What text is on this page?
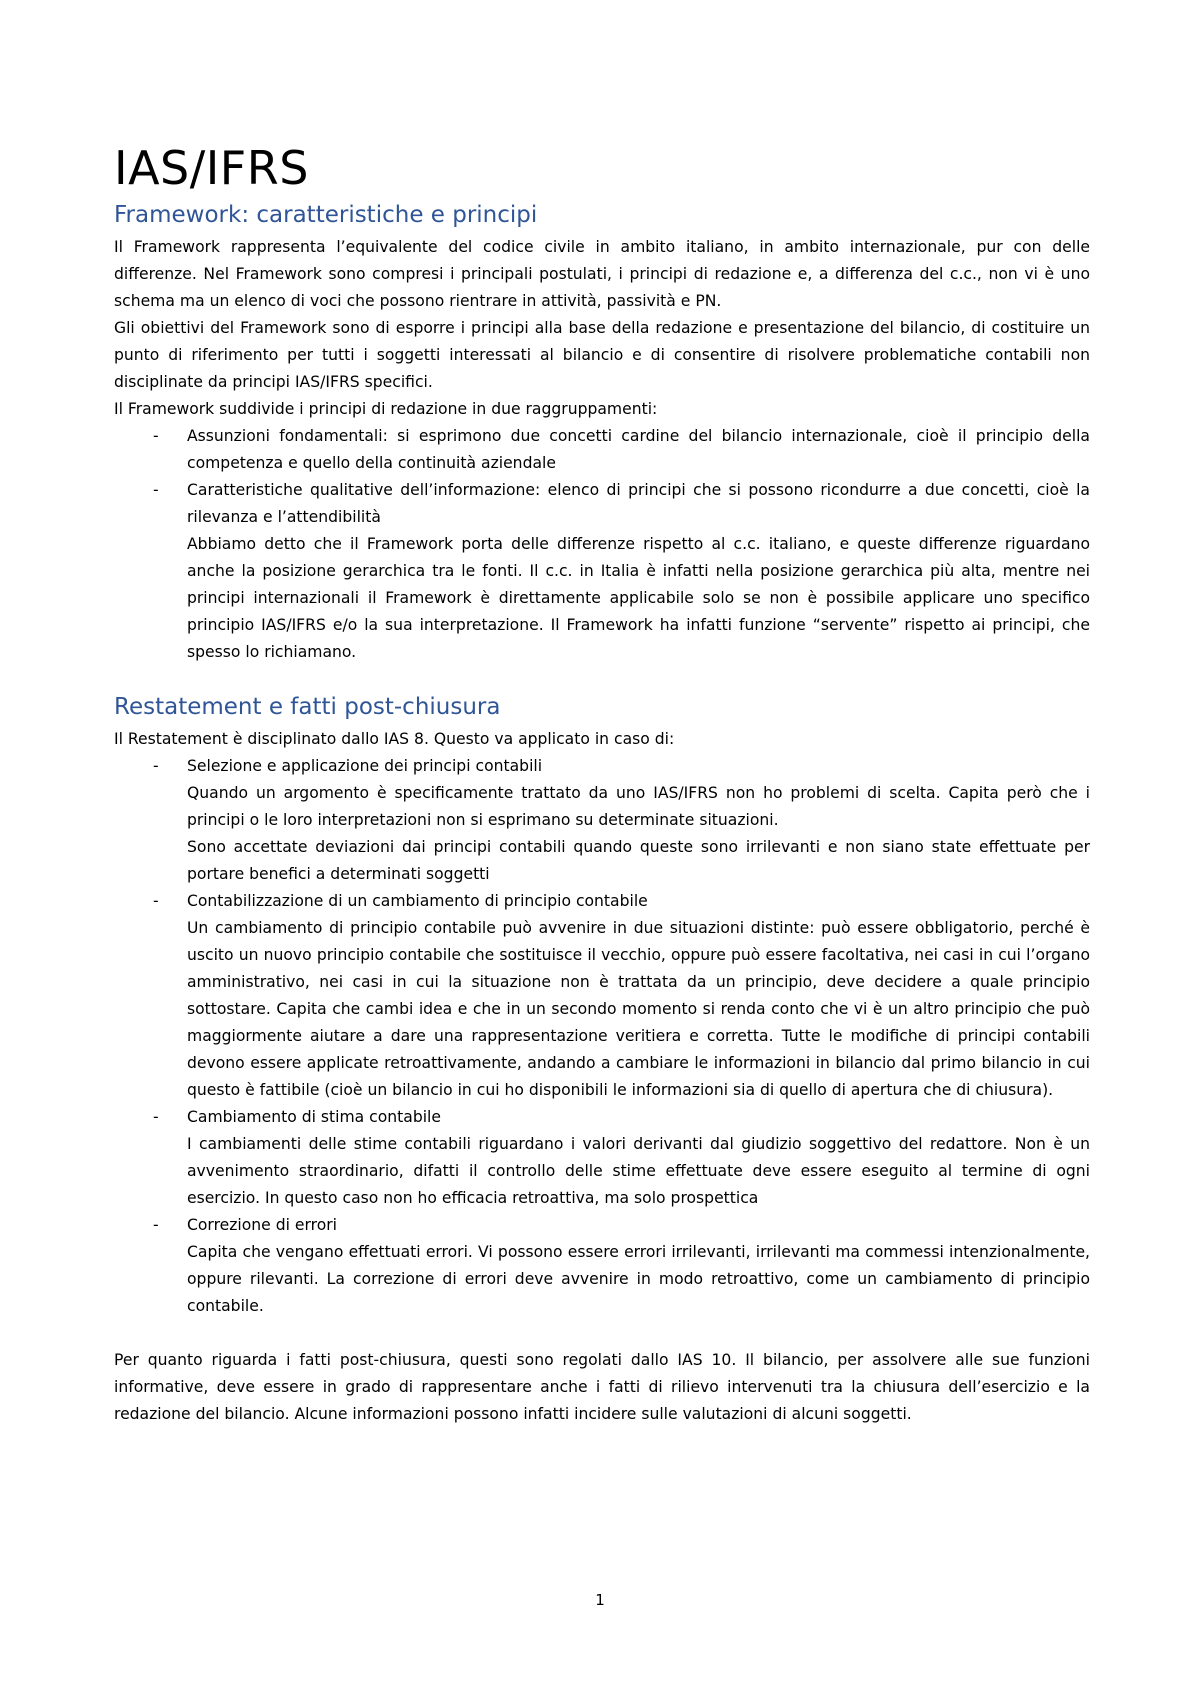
IAS/IFRS
Framework: caratteristiche e principi

Il Framework rappresenta l’equivalente del codice civile in ambito italiano, in ambito internazionale, pur con delle differenze. Nel Framework sono compresi i principali postulati, i principi di redazione e, a differenza del c.c., non vi è uno schema ma un elenco di voci che possono rientrare in attività, passività e PN.

Gli obiettivi del Framework sono di esporre i principi alla base della redazione e presentazione del bilancio, di costituire un punto di riferimento per tutti i soggetti interessati al bilancio e di consentire di risolvere problematiche contabili non disciplinate da principi IAS/IFRS specifici.

Il Framework suddivide i principi di redazione in due raggruppamenti:

- Assunzioni fondamentali: si esprimono due concetti cardine del bilancio internazionale, cioè il principio della competenza e quello della continuità aziendale

- Caratteristiche qualitative dell’informazione: elenco di principi che si possono ricondurre a due concetti, cioè la rilevanza e l’attendibilità

Abbiamo detto che il Framework porta delle differenze rispetto al c.c. italiano, e queste differenze riguardano anche la posizione gerarchica tra le fonti. Il c.c. in Italia è infatti nella posizione gerarchica più alta, mentre nei principi internazionali il Framework è direttamente applicabile solo se non è possibile applicare uno specifico principio IAS/IFRS e/o la sua interpretazione. Il Framework ha infatti funzione “servente” rispetto ai principi, che spesso lo richiamano.

Restatement e fatti post-chiusura

Il Restatement è disciplinato dallo IAS 8. Questo va applicato in caso di:

- Selezione e applicazione dei principi contabili

Quando un argomento è specificamente trattato da uno IAS/IFRS non ho problemi di scelta. Capita però che i principi o le loro interpretazioni non si esprimano su determinate situazioni.

Sono accettate deviazioni dai principi contabili quando queste sono irrilevanti e non siano state effettuate per portare benefici a determinati soggetti

- Contabilizzazione di un cambiamento di principio contabile

Un cambiamento di principio contabile può avvenire in due situazioni distinte: può essere obbligatorio, perché è uscito un nuovo principio contabile che sostituisce il vecchio, oppure può essere facoltativa, nei casi in cui l’organo amministrativo, nei casi in cui la situazione non è trattata da un principio, deve decidere a quale principio sottostare. Capita che cambi idea e che in un secondo momento si renda conto che vi è un altro principio che può maggiormente aiutare a dare una rappresentazione veritiera e corretta. Tutte le modifiche di principi contabili devono essere applicate retroattivamente, andando a cambiare le informazioni in bilancio dal primo bilancio in cui questo è fattibile (cioè un bilancio in cui ho disponibili le informazioni sia di quello di apertura che di chiusura).

- Cambiamento di stima contabile

I cambiamenti delle stime contabili riguardano i valori derivanti dal giudizio soggettivo del redattore. Non è un avvenimento straordinario, difatti il controllo delle stime effettuate deve essere eseguito al termine di ogni esercizio. In questo caso non ho efficacia retroattiva, ma solo prospettica

- Correzione di errori

Capita che vengano effettuati errori. Vi possono essere errori irrilevanti, irrilevanti ma commessi intenzionalmente, oppure rilevanti. La correzione di errori deve avvenire in modo retroattivo, come un cambiamento di principio contabile.

Per quanto riguarda i fatti post-chiusura, questi sono regolati dallo IAS 10. Il bilancio, per assolvere alle sue funzioni informative, deve essere in grado di rappresentare anche i fatti di rilievo intervenuti tra la chiusura dell’esercizio e la redazione del bilancio. Alcune informazioni possono infatti incidere sulle valutazioni di alcuni soggetti.

1
